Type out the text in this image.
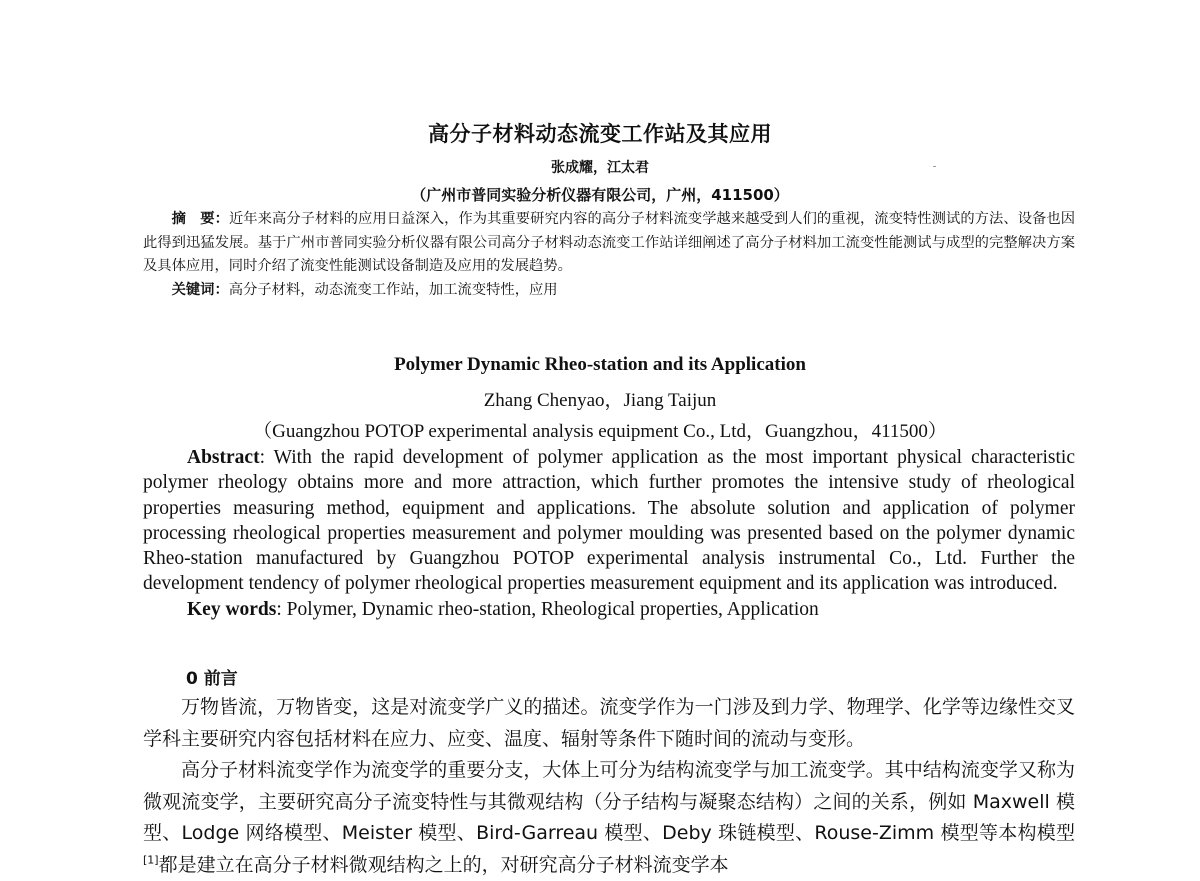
高分子材料动态流变工作站及其应用
张成耀，江太君
（广州市普同实验分析仪器有限公司，广州，411500）

摘　要：近年来高分子材料的应用日益深入，作为其重要研究内容的高分子材料流变学越来越受到人们的重视，流变特性测试的方法、设备也因此得到迅猛发展。基于广州市普同实验分析仪器有限公司高分子材料动态流变工作站详细阐述了高分子材料加工流变性能测试与成型的完整解决方案及具体应用，同时介绍了流变性能测试设备制造及应用的发展趋势。

关键词：高分子材料，动态流变工作站，加工流变特性，应用

Polymer Dynamic Rheo-station and its Application
Zhang Chenyao，Jiang Taijun
（Guangzhou POTOP experimental analysis equipment Co., Ltd，Guangzhou，411500）

Abstract: With the rapid development of polymer application as the most important physical characteristic polymer rheology obtains more and more attraction, which further promotes the intensive study of rheological properties measuring method, equipment and applications. The absolute solution and application of polymer processing rheological properties measurement and polymer moulding was presented based on the polymer dynamic Rheo-station manufactured by Guangzhou POTOP experimental analysis instrumental Co., Ltd. Further the development tendency of polymer rheological properties measurement equipment and its application was introduced.

Key words: Polymer, Dynamic rheo-station, Rheological properties, Application

0 前言

万物皆流，万物皆变，这是对流变学广义的描述。流变学作为一门涉及到力学、物理学、化学等边缘性交叉学科主要研究内容包括材料在应力、应变、温度、辐射等条件下随时间的流动与变形。

高分子材料流变学作为流变学的重要分支，大体上可分为结构流变学与加工流变学。其中结构流变学又称为微观流变学，主要研究高分子流变特性与其微观结构（分子结构与凝聚态结构）之间的关系，例如 Maxwell 模型、Lodge 网络模型、Meister 模型、Bird-Garreau 模型、Deby 珠链模型、Rouse-Zimm 模型等本构模型[1]都是建立在高分子材料微观结构之上的，对研究高分子材料流变学本
